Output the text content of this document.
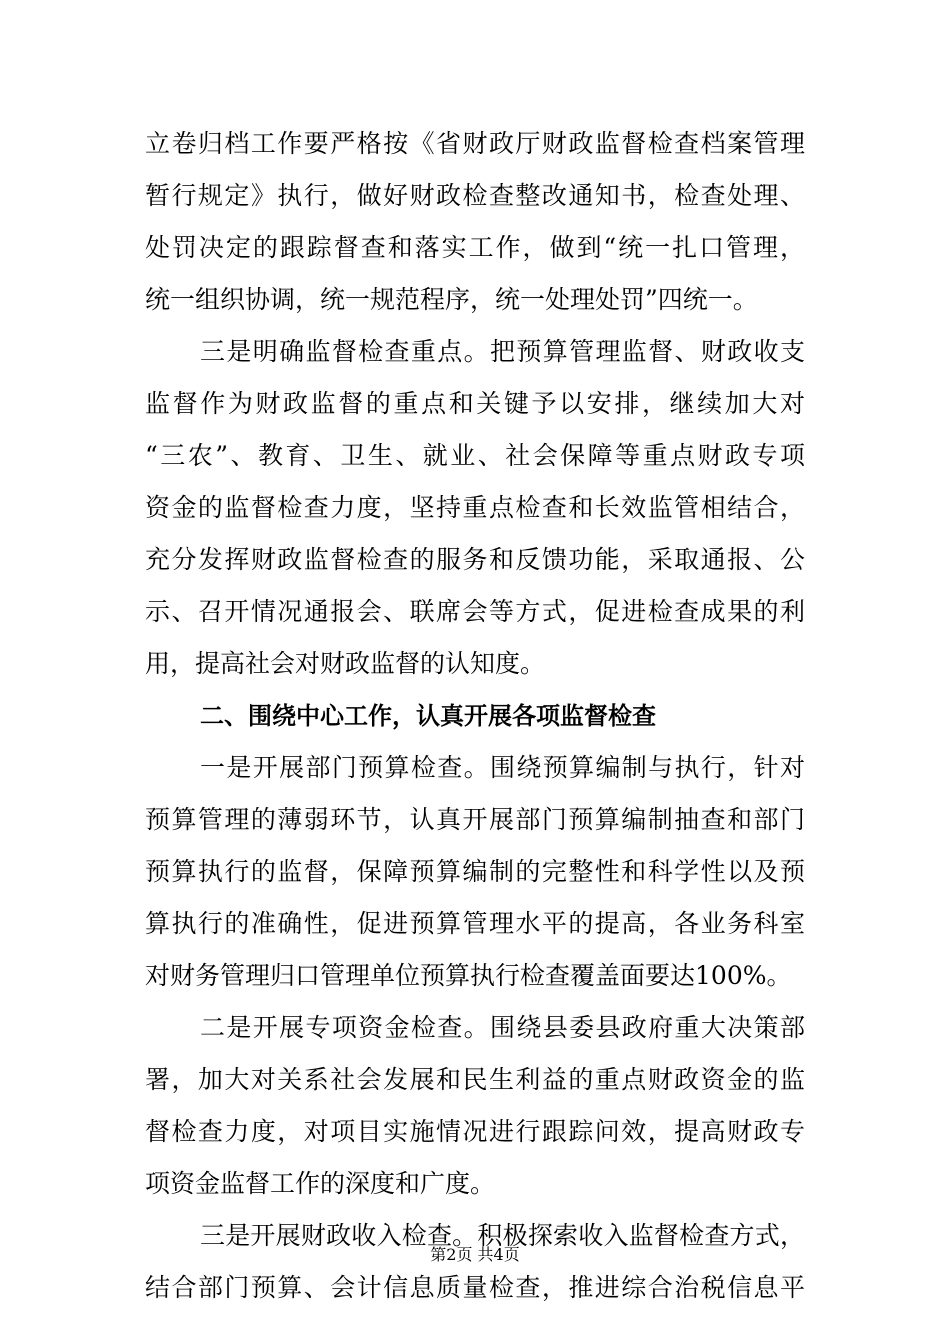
立卷归档工作要严格按《省财政厅财政监督检查档案管理
暂行规定》执行，做好财政检查整改通知书，检查处理、
处罚决定的跟踪督查和落实工作，做到“统一扎口管理，
统一组织协调，统一规范程序，统一处理处罚”四统一。
三是明确监督检查重点。把预算管理监督、财政收支
监督作为财政监督的重点和关键予以安排，继续加大对
“三农”、教育、卫生、就业、社会保障等重点财政专项
资金的监督检查力度，坚持重点检查和长效监管相结合，
充分发挥财政监督检查的服务和反馈功能，采取通报、公
示、召开情况通报会、联席会等方式，促进检查成果的利
用，提高社会对财政监督的认知度。
二、围绕中心工作，认真开展各项监督检查
一是开展部门预算检查。围绕预算编制与执行，针对
预算管理的薄弱环节，认真开展部门预算编制抽查和部门
预算执行的监督，保障预算编制的完整性和科学性以及预
算执行的准确性，促进预算管理水平的提高，各业务科室
对财务管理归口管理单位预算执行检查覆盖面要达100%。
二是开展专项资金检查。围绕县委县政府重大决策部
署，加大对关系社会发展和民生利益的重点财政资金的监
督检查力度，对项目实施情况进行跟踪问效，提高财政专
项资金监督工作的深度和广度。
三是开展财政收入检查。积极探索收入监督检查方式，
结合部门预算、会计信息质量检查，推进综合治税信息平
第2页 共4页
